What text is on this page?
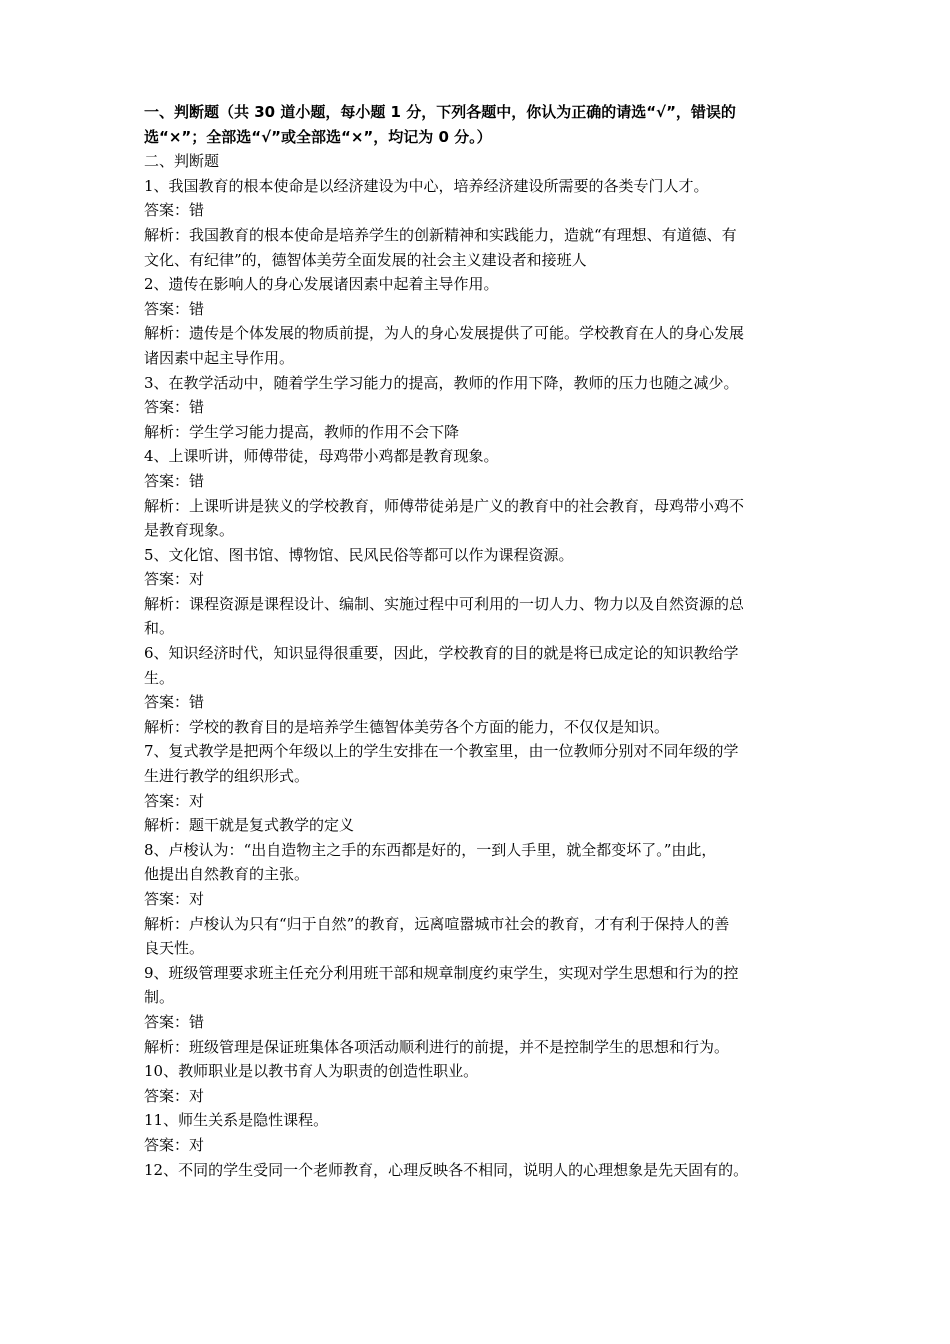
一、判断题（共 30 道小题，每小题 1 分，下列各题中，你认为正确的请选“√”，错误的
选“×”；全部选“√”或全部选“×”，均记为 0 分。）
二、判断题
1、我国教育的根本使命是以经济建设为中心，培养经济建设所需要的各类专门人才。
答案：错
解析：我国教育的根本使命是培养学生的创新精神和实践能力，造就“有理想、有道德、有
文化、有纪律”的，德智体美劳全面发展的社会主义建设者和接班人
2、遗传在影响人的身心发展诸因素中起着主导作用。
答案：错
解析：遗传是个体发展的物质前提，为人的身心发展提供了可能。学校教育在人的身心发展
诸因素中起主导作用。
3、在教学活动中，随着学生学习能力的提高，教师的作用下降，教师的压力也随之减少。
答案：错
解析：学生学习能力提高，教师的作用不会下降
4、上课听讲，师傅带徒，母鸡带小鸡都是教育现象。
答案：错
解析：上课听讲是狭义的学校教育，师傅带徒弟是广义的教育中的社会教育，母鸡带小鸡不
是教育现象。
5、文化馆、图书馆、博物馆、民风民俗等都可以作为课程资源。
答案：对
解析：课程资源是课程设计、编制、实施过程中可利用的一切人力、物力以及自然资源的总
和。
6、知识经济时代，知识显得很重要，因此，学校教育的目的就是将已成定论的知识教给学
生。
答案：错
解析：学校的教育目的是培养学生德智体美劳各个方面的能力，不仅仅是知识。
7、复式教学是把两个年级以上的学生安排在一个教室里，由一位教师分别对不同年级的学
生进行教学的组织形式。
答案：对
解析：题干就是复式教学的定义
8、卢梭认为：“出自造物主之手的东西都是好的，一到人手里，就全都变坏了。”由此，
他提出自然教育的主张。
答案：对
解析：卢梭认为只有“归于自然”的教育，远离喧嚣城市社会的教育，才有利于保持人的善
良天性。
9、班级管理要求班主任充分利用班干部和规章制度约束学生，实现对学生思想和行为的控
制。
答案：错
解析：班级管理是保证班集体各项活动顺利进行的前提，并不是控制学生的思想和行为。
10、教师职业是以教书育人为职责的创造性职业。
答案：对
11、师生关系是隐性课程。
答案：对
12、不同的学生受同一个老师教育，心理反映各不相同，说明人的心理想象是先天固有的。
